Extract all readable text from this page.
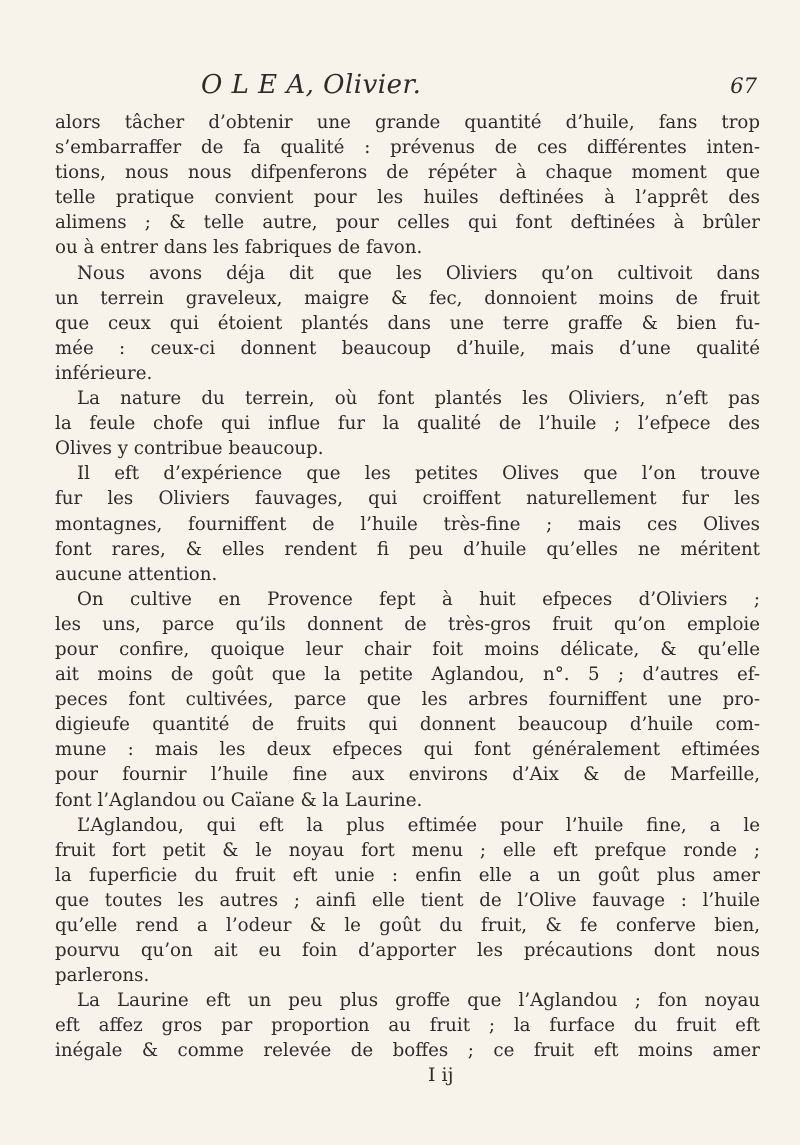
O L E A, Olivier.	67

alors tâcher d’obtenir une grande quantité d’huile, fans trop

s’embarraffer de fa qualité : prévenus de ces différentes inten-

tions, nous nous difpenferons de répéter à chaque moment que

telle pratique convient pour les huiles deftinées à l’apprêt des

alimens ; & telle autre, pour celles qui font deftinées à brûler

ou à entrer dans les fabriques de favon.

Nous avons déja dit que les Oliviers qu’on cultivoit dans

un terrein graveleux, maigre & fec, donnoient moins de fruit

que ceux qui étoient plantés dans une terre graffe & bien fu-

mée : ceux-ci donnent beaucoup d’huile, mais d’une qualité

inférieure.

La nature du terrein, où font plantés les Oliviers, n’eft pas

la feule chofe qui influe fur la qualité de l’huile ; l’efpece des

Olives y contribue beaucoup.

Il eft d’expérience que les petites Olives que l’on trouve

fur les Oliviers fauvages, qui croiffent naturellement fur les

montagnes, fourniffent de l’huile très-fine ; mais ces Olives

font rares, & elles rendent fi peu d’huile qu’elles ne méritent

aucune attention.

On cultive en Provence fept à huit efpeces d’Oliviers ;

les uns, parce qu’ils donnent de très-gros fruit qu’on emploie

pour confire, quoique leur chair foit moins délicate, & qu’elle

ait moins de goût que la petite Aglandou, n°. 5 ; d’autres ef-

peces font cultivées, parce que les arbres fourniffent une pro-

digieufe quantité de fruits qui donnent beaucoup d’huile com-

mune : mais les deux efpeces qui font généralement eftimées

pour fournir l’huile fine aux environs d’Aix & de Marfeille,

font l’Aglandou ou Caïane & la Laurine.

L’Aglandou, qui eft la plus eftimée pour l’huile fine, a le

fruit fort petit & le noyau fort menu ; elle eft prefque ronde ;

la fuperficie du fruit eft unie : enfin elle a un goût plus amer

que toutes les autres ; ainfi elle tient de l’Olive fauvage : l’huile

qu’elle rend a l’odeur & le goût du fruit, & fe conferve bien,

pourvu qu’on ait eu foin d’apporter les précautions dont nous

parlerons.

La Laurine eft un peu plus groffe que l’Aglandou ; fon noyau

eft affez gros par proportion au fruit ; la furface du fruit eft

inégale & comme relevée de boffes ; ce fruit eft moins amer

I ij
